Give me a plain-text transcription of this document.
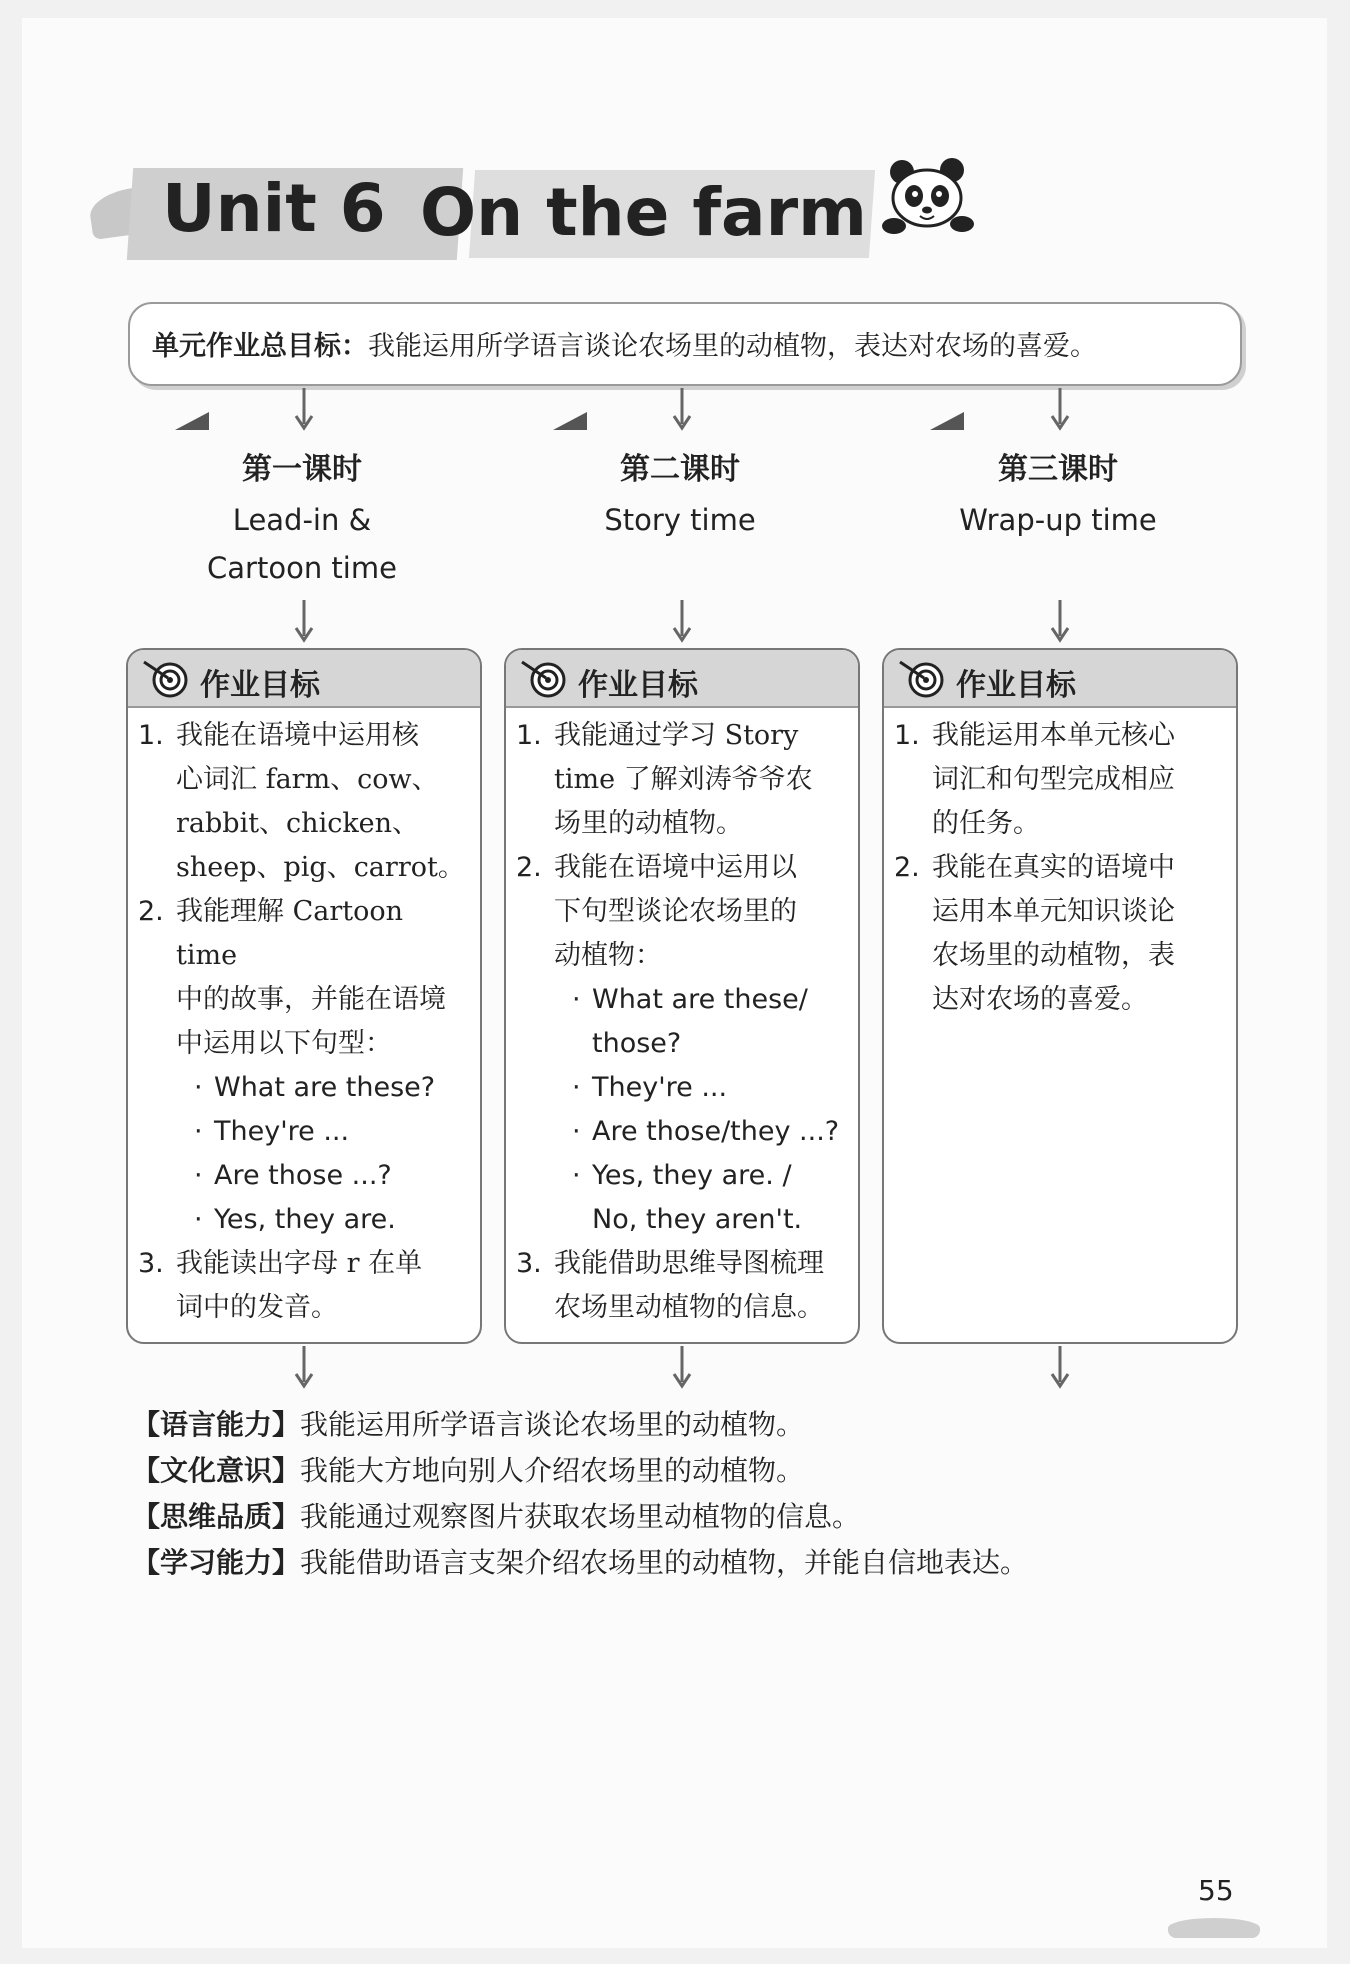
Unit 6 On the farm
单元作业总目标：我能运用所学语言谈论农场里的动植物，表达对农场的喜爱。
第一课时
Lead-in &
Cartoon time
第二课时
Story time
第三课时
Wrap-up time
作业目标
1. 我能在语境中运用核
心词汇 farm、cow、
rabbit、chicken、
sheep、pig、carrot。
2. 我能理解 Cartoon time
中的故事，并能在语境
中运用以下句型：
· What are these?
· They're ...
· Are those ...?
· Yes, they are.
3. 我能读出字母 r 在单
词中的发音。
作业目标
1. 我能通过学习 Story
time 了解刘涛爷爷农
场里的动植物。
2. 我能在语境中运用以
下句型谈论农场里的
动植物：
· What are these/
those?
· They're ...
· Are those/they ...?
· Yes, they are. /
No, they aren't.
3. 我能借助思维导图梳理
农场里动植物的信息。
作业目标
1. 我能运用本单元核心
词汇和句型完成相应
的任务。
2. 我能在真实的语境中
运用本单元知识谈论
农场里的动植物，表
达对农场的喜爱。
【语言能力】我能运用所学语言谈论农场里的动植物。
【文化意识】我能大方地向别人介绍农场里的动植物。
【思维品质】我能通过观察图片获取农场里动植物的信息。
【学习能力】我能借助语言支架介绍农场里的动植物，并能自信地表达。
55
